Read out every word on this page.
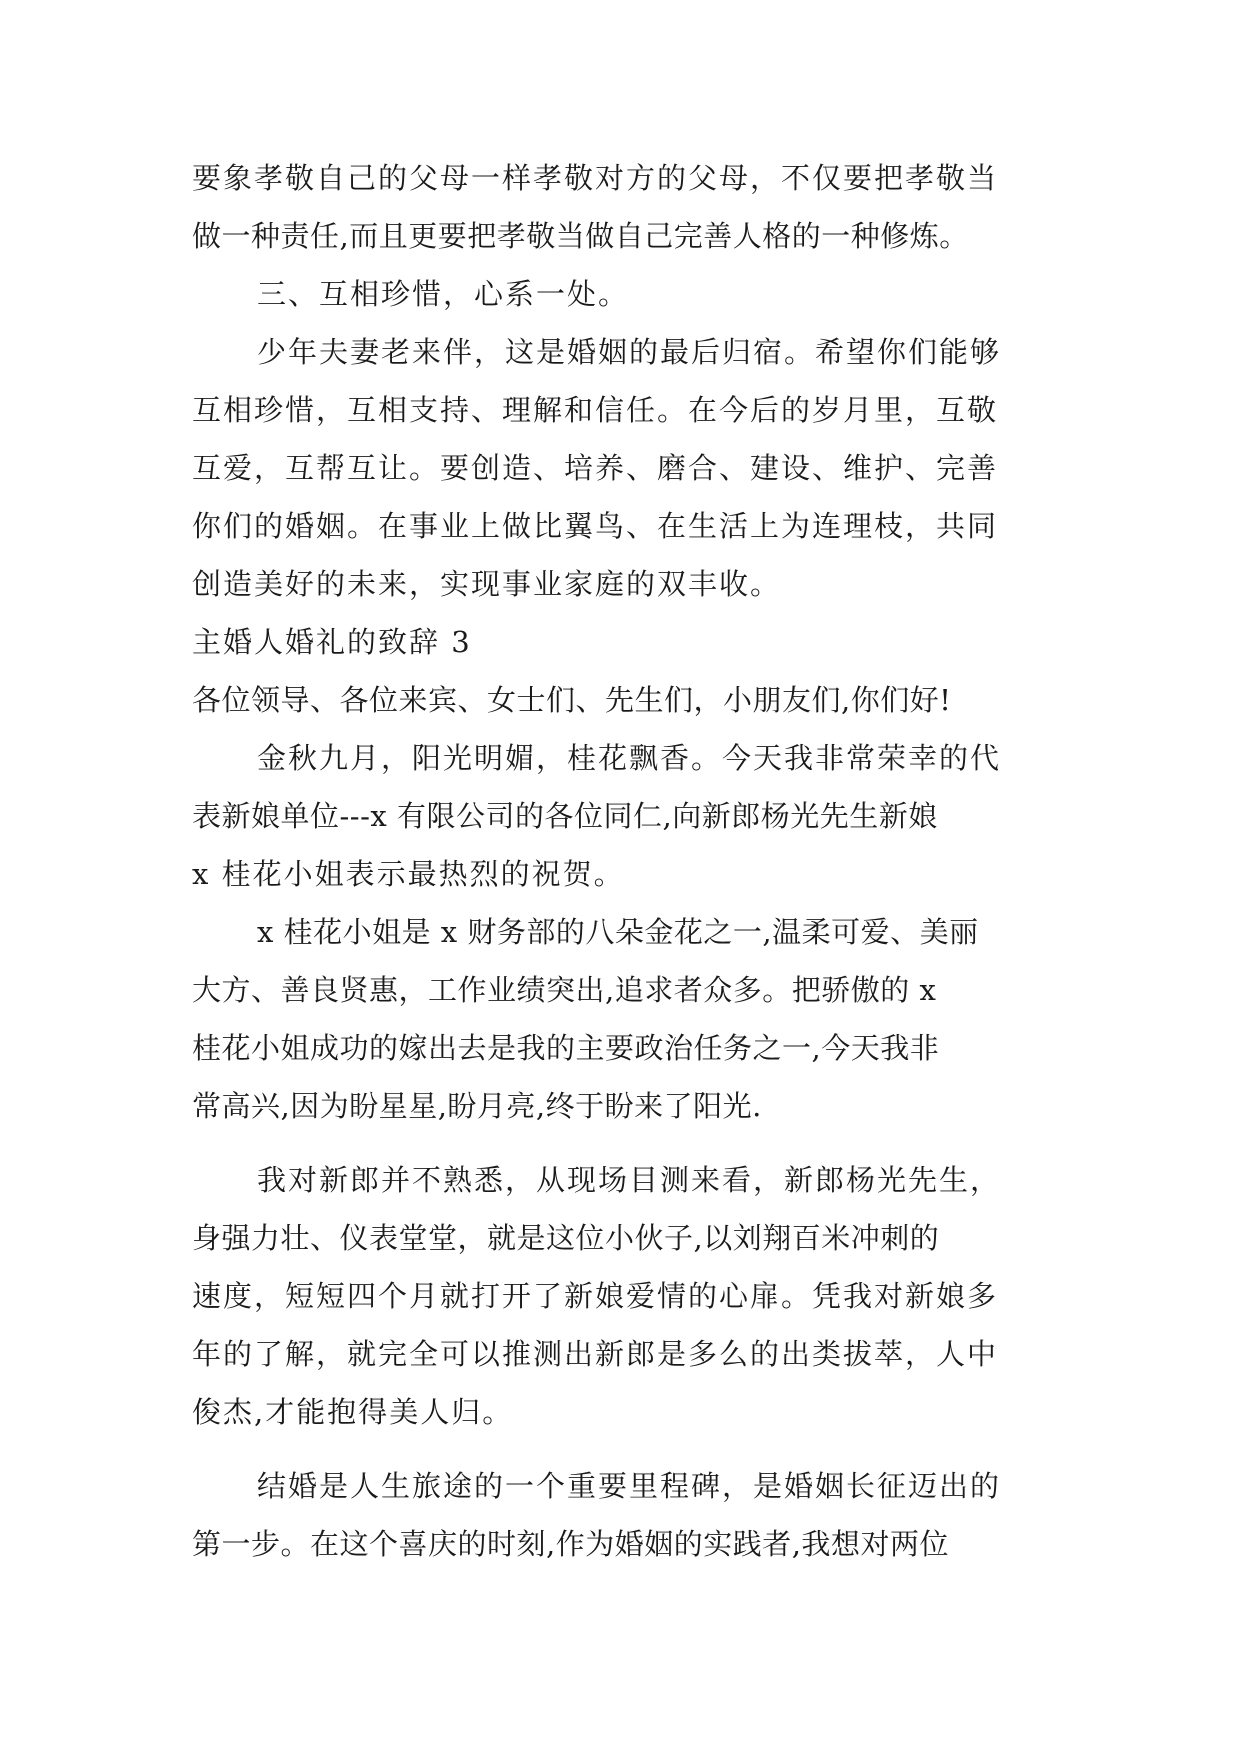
要象孝敬自己的父母一样孝敬对方的父母，不仅要把孝敬当
做一种责任,而且更要把孝敬当做自己完善人格的一种修炼。
三、互相珍惜，心系一处。
少年夫妻老来伴，这是婚姻的最后归宿。希望你们能够
互相珍惜，互相支持、理解和信任。在今后的岁月里，互敬
互爱，互帮互让。要创造、培养、磨合、建设、维护、完善
你们的婚姻。在事业上做比翼鸟、在生活上为连理枝，共同
创造美好的未来，实现事业家庭的双丰收。
主婚人婚礼的致辞 3
各位领导、各位来宾、女士们、先生们，小朋友们,你们好!
金秋九月，阳光明媚，桂花飘香。今天我非常荣幸的代
表新娘单位---x 有限公司的各位同仁,向新郎杨光先生新娘
x 桂花小姐表示最热烈的祝贺。
x 桂花小姐是 x 财务部的八朵金花之一,温柔可爱、美丽
大方、善良贤惠，工作业绩突出,追求者众多。把骄傲的 x
桂花小姐成功的嫁出去是我的主要政治任务之一,今天我非
常高兴,因为盼星星,盼月亮,终于盼来了阳光.
我对新郎并不熟悉，从现场目测来看，新郎杨光先生，
身强力壮、仪表堂堂，就是这位小伙子,以刘翔百米冲刺的
速度，短短四个月就打开了新娘爱情的心扉。凭我对新娘多
年的了解，就完全可以推测出新郎是多么的出类拔萃，人中
俊杰,才能抱得美人归。
结婚是人生旅途的一个重要里程碑，是婚姻长征迈出的
第一步。在这个喜庆的时刻,作为婚姻的实践者,我想对两位
